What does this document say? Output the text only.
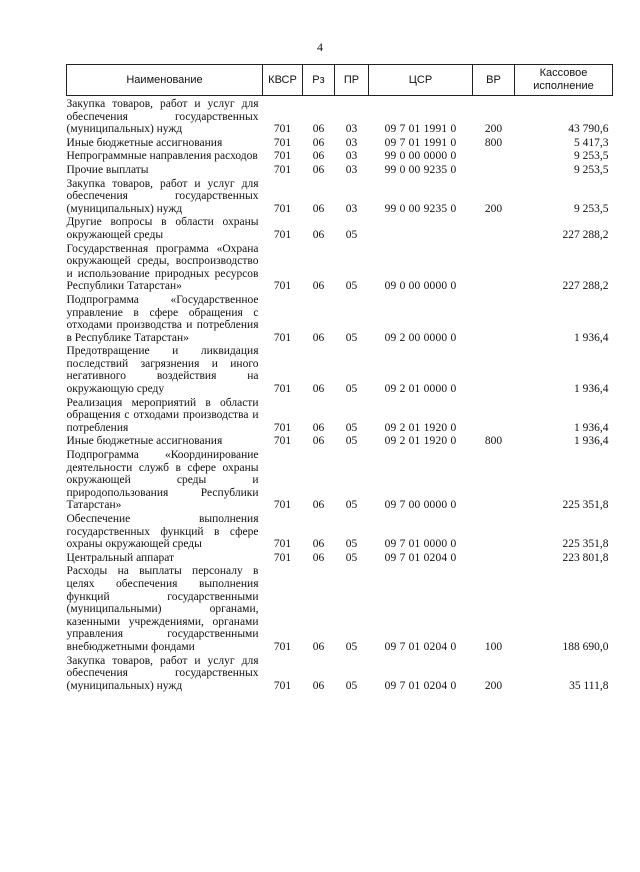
4
Наименование	КВСР	Рз	ПР	ЦСР	ВР	Кассовое исполнение
Закупка товаров, работ и услуг для обеспечения государственных (муниципальных) нужд	701	06	03	09 7 01 1991 0	200	43 790,6
Иные бюджетные ассигнования	701	06	03	09 7 01 1991 0	800	5 417,3
Непрограммные направления расходов	701	06	03	99 0 00 0000 0		9 253,5
Прочие выплаты	701	06	03	99 0 00 9235 0		9 253,5
Закупка товаров, работ и услуг для обеспечения государственных (муниципальных) нужд	701	06	03	99 0 00 9235 0	200	9 253,5
Другие вопросы в области охраны окружающей среды	701	06	05			227 288,2
Государственная программа «Охрана окружающей среды, воспроизводство и использование природных ресурсов Республики Татарстан»	701	06	05	09 0 00 0000 0		227 288,2
Подпрограмма «Государственное управление в сфере обращения с отходами производства и потребления в Республике Татарстан»	701	06	05	09 2 00 0000 0		1 936,4
Предотвращение и ликвидация последствий загрязнения и иного негативного воздействия на окружающую среду	701	06	05	09 2 01 0000 0		1 936,4
Реализация мероприятий в области обращения с отходами производства и потребления	701	06	05	09 2 01 1920 0		1 936,4
Иные бюджетные ассигнования	701	06	05	09 2 01 1920 0	800	1 936,4
Подпрограмма «Координирование деятельности служб в сфере охраны окружающей среды и природопользования Республики Татарстан»	701	06	05	09 7 00 0000 0		225 351,8
Обеспечение выполнения государственных функций в сфере охраны окружающей среды	701	06	05	09 7 01 0000 0		225 351,8
Центральный аппарат	701	06	05	09 7 01 0204 0		223 801,8
Расходы на выплаты персоналу в целях обеспечения выполнения функций государственными (муниципальными) органами, казенными учреждениями, органами управления государственными внебюджетными фондами	701	06	05	09 7 01 0204 0	100	188 690,0
Закупка товаров, работ и услуг для обеспечения государственных (муниципальных) нужд	701	06	05	09 7 01 0204 0	200	35 111,8
